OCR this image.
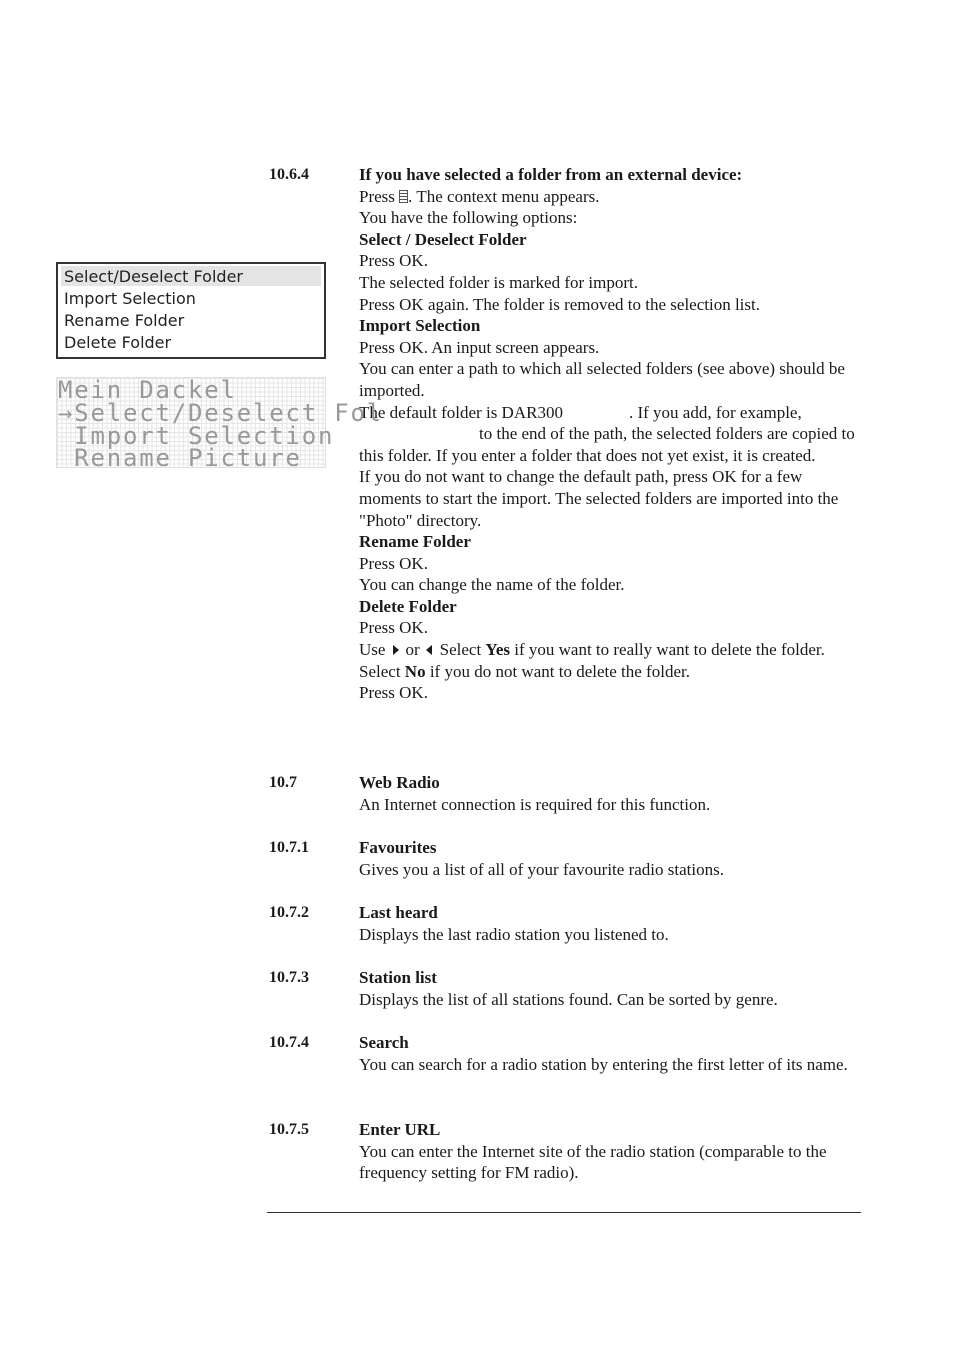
10.6.4	If you have selected a folder from an external device:

Press . The context menu appears.

You have the following options:

Select / Deselect Folder

Press OK.

The selected folder is marked for import.

Press OK again. The folder is removed to the selection list.

Import Selection

Press OK. An input screen appears.

You can enter a path to which all selected folders (see above) should be imported.

The default folder is DAR300	. If you add, for example,
to the end of the path, the selected folders are copied to this folder. If you enter a folder that does not yet exist, it is created.

If you do not want to change the default path, press OK for a few moments to start the import. The selected folders are imported into the "Photo" directory.

Rename Folder

Press OK.

You can change the name of the folder.

Delete Folder

Press OK.

Use or Select Yes if you want to really want to delete the folder.

Select No if you do not want to delete the folder.

Press OK.

Select/Deselect Folder
Import Selection
Rename Folder
Delete Folder
Mein Dackel
→Select/Deselect Fol
Import Selection
Rename Picture
10.7	Web Radio

An Internet connection is required for this function.

10.7.1	Favourites

Gives you a list of all of your favourite radio stations.

10.7.2	Last heard

Displays the last radio station you listened to.

10.7.3	Station list

Displays the list of all stations found. Can be sorted by genre.

10.7.4	Search

You can search for a radio station by entering the first letter of its name.

10.7.5	Enter URL

You can enter the Internet site of the radio station (comparable to the frequency setting for FM radio).
